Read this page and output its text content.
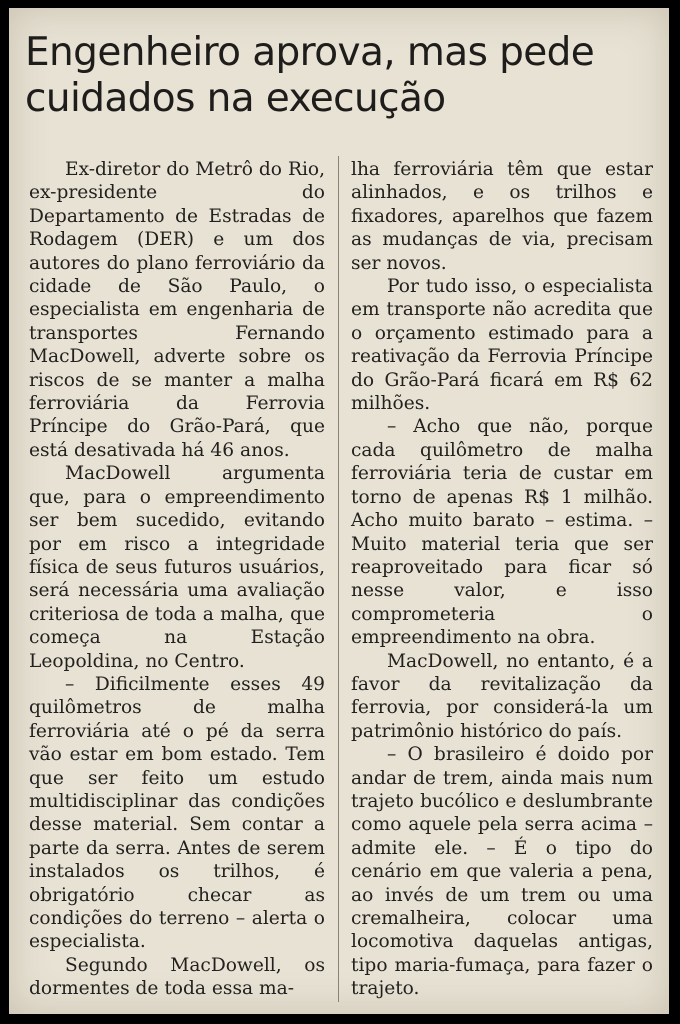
Engenheiro aprova, mas pede cuidados na execução

Ex-diretor do Metrô do Rio, ex-presidente do Departamento de Estradas de Rodagem (DER) e um dos autores do plano ferroviário da cidade de São Paulo, o especialista em engenharia de transportes Fernando MacDowell, adverte sobre os riscos de se manter a malha ferroviária da Ferrovia Príncipe do Grão-Pará, que está desativada há 46 anos.

MacDowell argumenta que, para o empreendimento ser bem sucedido, evitando por em risco a integridade física de seus futuros usuários, será necessária uma avaliação criteriosa de toda a malha, que começa na Estação Leopoldina, no Centro.

– Dificilmente esses 49 quilômetros de malha ferroviária até o pé da serra vão estar em bom estado. Tem que ser feito um estudo multidisciplinar das condições desse material. Sem contar a parte da serra. Antes de serem instalados os trilhos, é obrigatório checar as condições do terreno – alerta o especialista.

Segundo MacDowell, os dormentes de toda essa ma-

lha ferroviária têm que estar alinhados, e os trilhos e fixadores, aparelhos que fazem as mudanças de via, precisam ser novos.

Por tudo isso, o especialista em transporte não acredita que o orçamento estimado para a reativação da Ferrovia Príncipe do Grão-Pará ficará em R$ 62 milhões.

– Acho que não, porque cada quilômetro de malha ferroviária teria de custar em torno de apenas R$ 1 milhão. Acho muito barato – estima. – Muito material teria que ser reaproveitado para ficar só nesse valor, e isso comprometeria o empreendimento na obra.

MacDowell, no entanto, é a favor da revitalização da ferrovia, por considerá-la um patrimônio histórico do país.

– O brasileiro é doido por andar de trem, ainda mais num trajeto bucólico e deslumbrante como aquele pela serra acima – admite ele. – É o tipo do cenário em que valeria a pena, ao invés de um trem ou uma cremalheira, colocar uma locomotiva daquelas antigas, tipo maria-fumaça, para fazer o trajeto.
